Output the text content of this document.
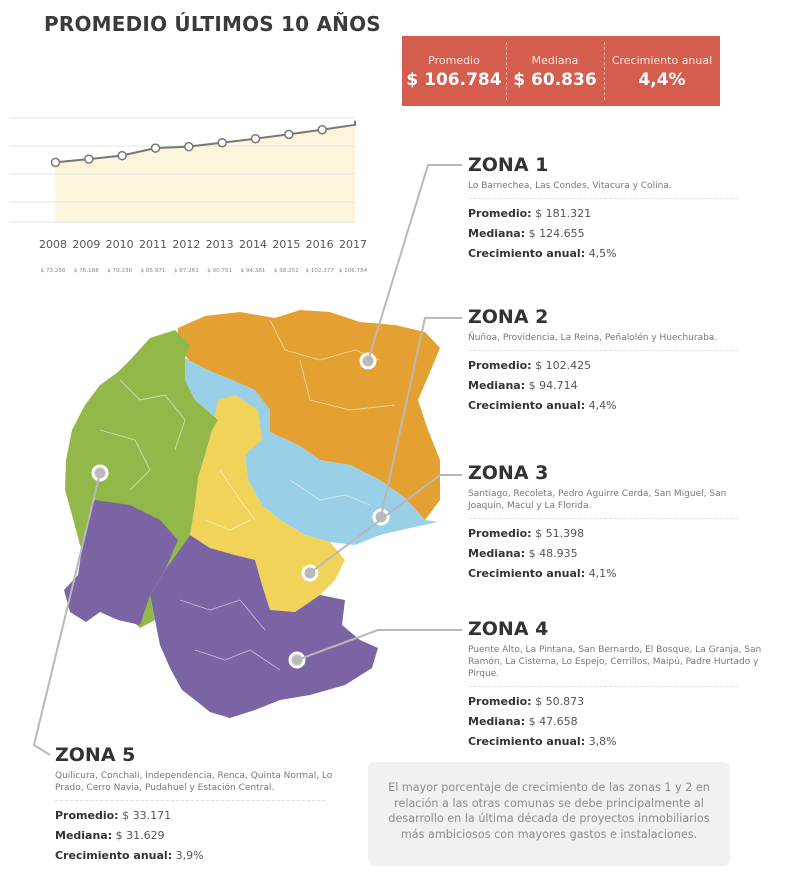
PROMEDIO ÚLTIMOS 10 AÑOS
Promedio
$ 106.784
Mediana
$ 60.836
Crecimiento anual
4,4%
2008
$ 73.258
2009
$ 76.188
2010
$ 79.236
2011
$ 85.971
2012
$ 87.261
2013
$ 90.751
2014
$ 94.381
2015
$ 98.252
2016
$ 102.377
2017
$ 106.784
ZONA 1
Lo Barnechea, Las Condes, Vitacura y Colina.
Promedio: $ 181.321
Mediana: $ 124.655
Crecimiento anual: 4,5%
ZONA 2
Ñuñoa, Providencia, La Reina, Peñalolén y Huechuraba.
Promedio: $ 102.425
Mediana: $ 94.714
Crecimiento anual: 4,4%
ZONA 3
Santiago, Recoleta, Pedro Aguirre Cerda, San Miguel, San Joaquín, Macul y La Florida.
Promedio: $ 51.398
Mediana: $ 48.935
Crecimiento anual: 4,1%
ZONA 4
Puente Alto, La Pintana, San Bernardo, El Bosque, La Granja, San Ramón, La Cisterna, Lo Espejo, Cerrillos, Maipú, Padre Hurtado y Pirque.
Promedio: $ 50.873
Mediana: $ 47.658
Crecimiento anual: 3,8%
ZONA 5
Quilicura, Conchalí, Independencia, Renca, Quinta Normal, Lo Prado, Cerro Navia, Pudahuel y Estación Central.
Promedio: $ 33.171
Mediana: $ 31.629
Crecimiento anual: 3,9%

El mayor porcentaje de crecimiento de las zonas 1 y 2 en relación a las otras comunas se debe principalmente al desarrollo en la última década de proyectos inmobiliarios más ambiciosos con mayores gastos e instalaciones.
